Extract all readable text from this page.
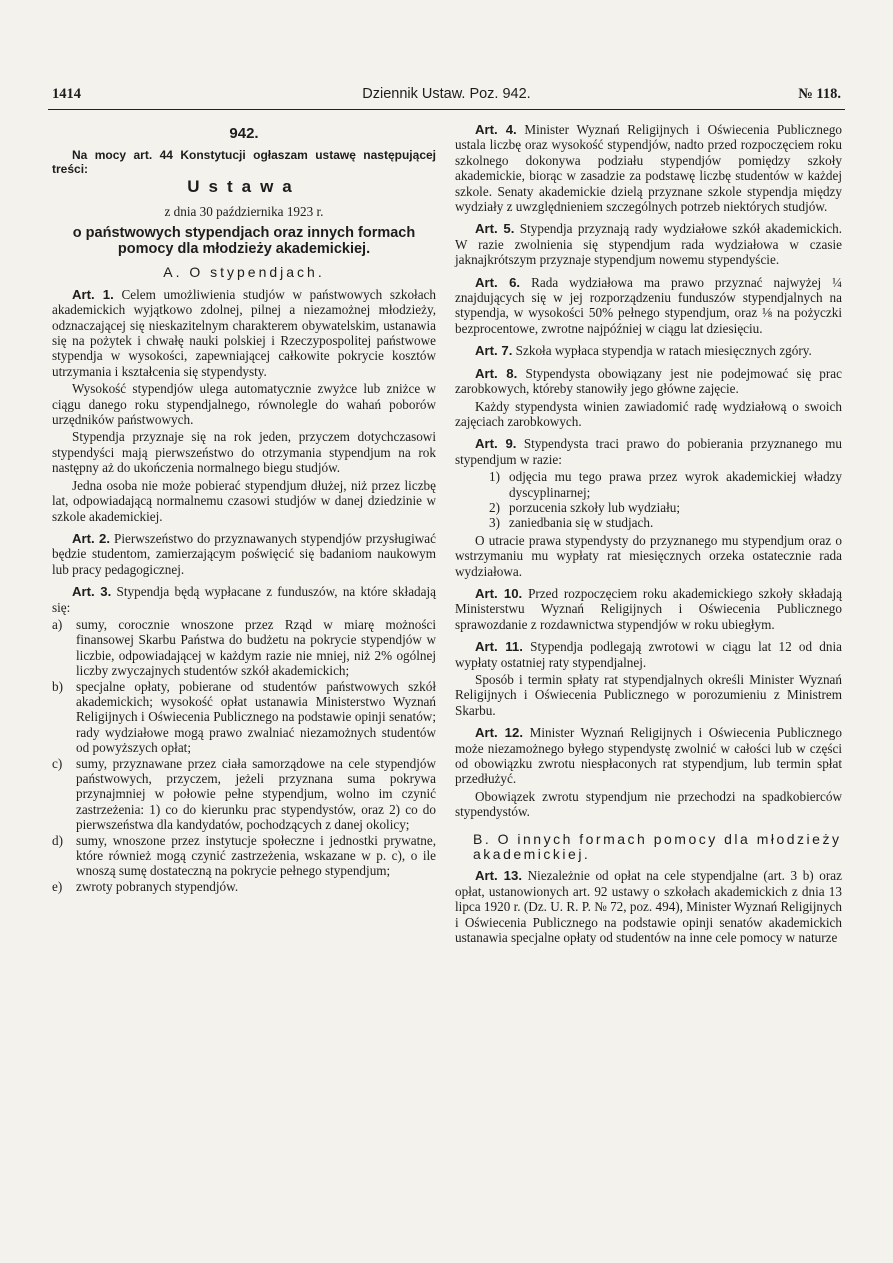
1414	Dziennik Ustaw. Poz. 942.	№ 118.
942.

Na mocy art. 44 Konstytucji ogłaszam ustawę następującej treści:

Ustawa
z dnia 30 października 1923 r.
o państwowych stypendjach oraz innych formach pomocy dla młodzieży akademickiej.
A. O stypendjach.

Art. 1. Celem umożliwienia studjów w państwowych szkołach akademickich wyjątkowo zdolnej, pilnej a niezamożnej młodzieży, odznaczającej się nieskazitelnym charakterem obywatelskim, ustanawia się na pożytek i chwałę nauki polskiej i Rzeczypospolitej państwowe stypendja w wysokości, zapewniającej całkowite pokrycie kosztów utrzymania i kształcenia się stypendysty.

Wysokość stypendjów ulega automatycznie zwyżce lub zniżce w ciągu danego roku stypendjalnego, równolegle do wahań poborów urzędników państwowych.

Stypendja przyznaje się na rok jeden, przyczem dotychczasowi stypendyści mają pierwszeństwo do otrzymania stypendjum na rok następny aż do ukończenia normalnego biegu studjów.

Jedna osoba nie może pobierać stypendjum dłużej, niż przez liczbę lat, odpowiadającą normalnemu czasowi studjów w danej dziedzinie w szkole akademickiej.

Art. 2. Pierwszeństwo do przyznawanych stypendjów przysługiwać będzie studentom, zamierzającym poświęcić się badaniom naukowym lub pracy pedagogicznej.

Art. 3. Stypendja będą wypłacane z funduszów, na które składają się:

a) sumy, corocznie wnoszone przez Rząd w miarę możności finansowej Skarbu Państwa do budżetu na pokrycie stypendjów w liczbie, odpowiadającej w każdym razie nie mniej, niż 2% ogólnej liczby zwyczajnych studentów szkół akademickich;
b) specjalne opłaty, pobierane od studentów państwowych szkół akademickich; wysokość opłat ustanawia Ministerstwo Wyznań Religijnych i Oświecenia Publicznego na podstawie opinji senatów; rady wydziałowe mogą prawo zwalniać niezamożnych studentów od powyższych opłat;
c) sumy, przyznawane przez ciała samorządowe na cele stypendjów państwowych, przyczem, jeżeli przyznana suma pokrywa przynajmniej w połowie pełne stypendjum, wolno im czynić zastrzeżenia: 1) co do kierunku prac stypendystów, oraz 2) co do pierwszeństwa dla kandydatów, pochodzących z danej okolicy;
d) sumy, wnoszone przez instytucje społeczne i jednostki prywatne, które również mogą czynić zastrzeżenia, wskazane w p. c), o ile wnoszą sumę dostateczną na pokrycie pełnego stypendjum;
e) zwroty pobranych stypendjów.

Art. 4. Minister Wyznań Religijnych i Oświecenia Publicznego ustala liczbę oraz wysokość stypendjów, nadto przed rozpoczęciem roku szkolnego dokonywa podziału stypendjów pomiędzy szkoły akademickie, biorąc w zasadzie za podstawę liczbę studentów w każdej szkole. Senaty akademickie dzielą przyznane szkole stypendja między wydziały z uwzględnieniem szczególnych potrzeb niektórych studjów.

Art. 5. Stypendja przyznają rady wydziałowe szkół akademickich. W razie zwolnienia się stypendjum rada wydziałowa w czasie jaknajkrótszym przyznaje stypendjum nowemu stypendyście.

Art. 6. Rada wydziałowa ma prawo przyznać najwyżej ¼ znajdujących się w jej rozporządzeniu funduszów stypendjalnych na stypendja, w wysokości 50% pełnego stypendjum, oraz ⅛ na pożyczki bezprocentowe, zwrotne najpóźniej w ciągu lat dziesięciu.

Art. 7. Szkoła wypłaca stypendja w ratach miesięcznych zgóry.

Art. 8. Stypendysta obowiązany jest nie podejmować się prac zarobkowych, któreby stanowiły jego główne zajęcie.

Każdy stypendysta winien zawiadomić radę wydziałową o swoich zajęciach zarobkowych.

Art. 9. Stypendysta traci prawo do pobierania przyznanego mu stypendjum w razie:

1) odjęcia mu tego prawa przez wyrok akademickiej władzy dyscyplinarnej;
2) porzucenia szkoły lub wydziału;
3) zaniedbania się w studjach.

O utracie prawa stypendysty do przyznanego mu stypendjum oraz o wstrzymaniu mu wypłaty rat miesięcznych orzeka ostatecznie rada wydziałowa.

Art. 10. Przed rozpoczęciem roku akademickiego szkoły składają Ministerstwu Wyznań Religijnych i Oświecenia Publicznego sprawozdanie z rozdawnictwa stypendjów w roku ubiegłym.

Art. 11. Stypendja podlegają zwrotowi w ciągu lat 12 od dnia wypłaty ostatniej raty stypendjalnej.

Sposób i termin spłaty rat stypendjalnych określi Minister Wyznań Religijnych i Oświecenia Publicznego w porozumieniu z Ministrem Skarbu.

Art. 12. Minister Wyznań Religijnych i Oświecenia Publicznego może niezamożnego byłego stypendystę zwolnić w całości lub w części od obowiązku zwrotu niespłaconych rat stypendjum, lub termin spłat przedłużyć.

Obowiązek zwrotu stypendjum nie przechodzi na spadkobierców stypendystów.

B. O innych formach pomocy dla młodzieży akademickiej.

Art. 13. Niezależnie od opłat na cele stypendjalne (art. 3 b) oraz opłat, ustanowionych art. 92 ustawy o szkołach akademickich z dnia 13 lipca 1920 r. (Dz. U. R. P. № 72, poz. 494), Minister Wyznań Religijnych i Oświecenia Publicznego na podstawie opinji senatów akademickich ustanawia specjalne opłaty od studentów na inne cele pomocy w naturze
